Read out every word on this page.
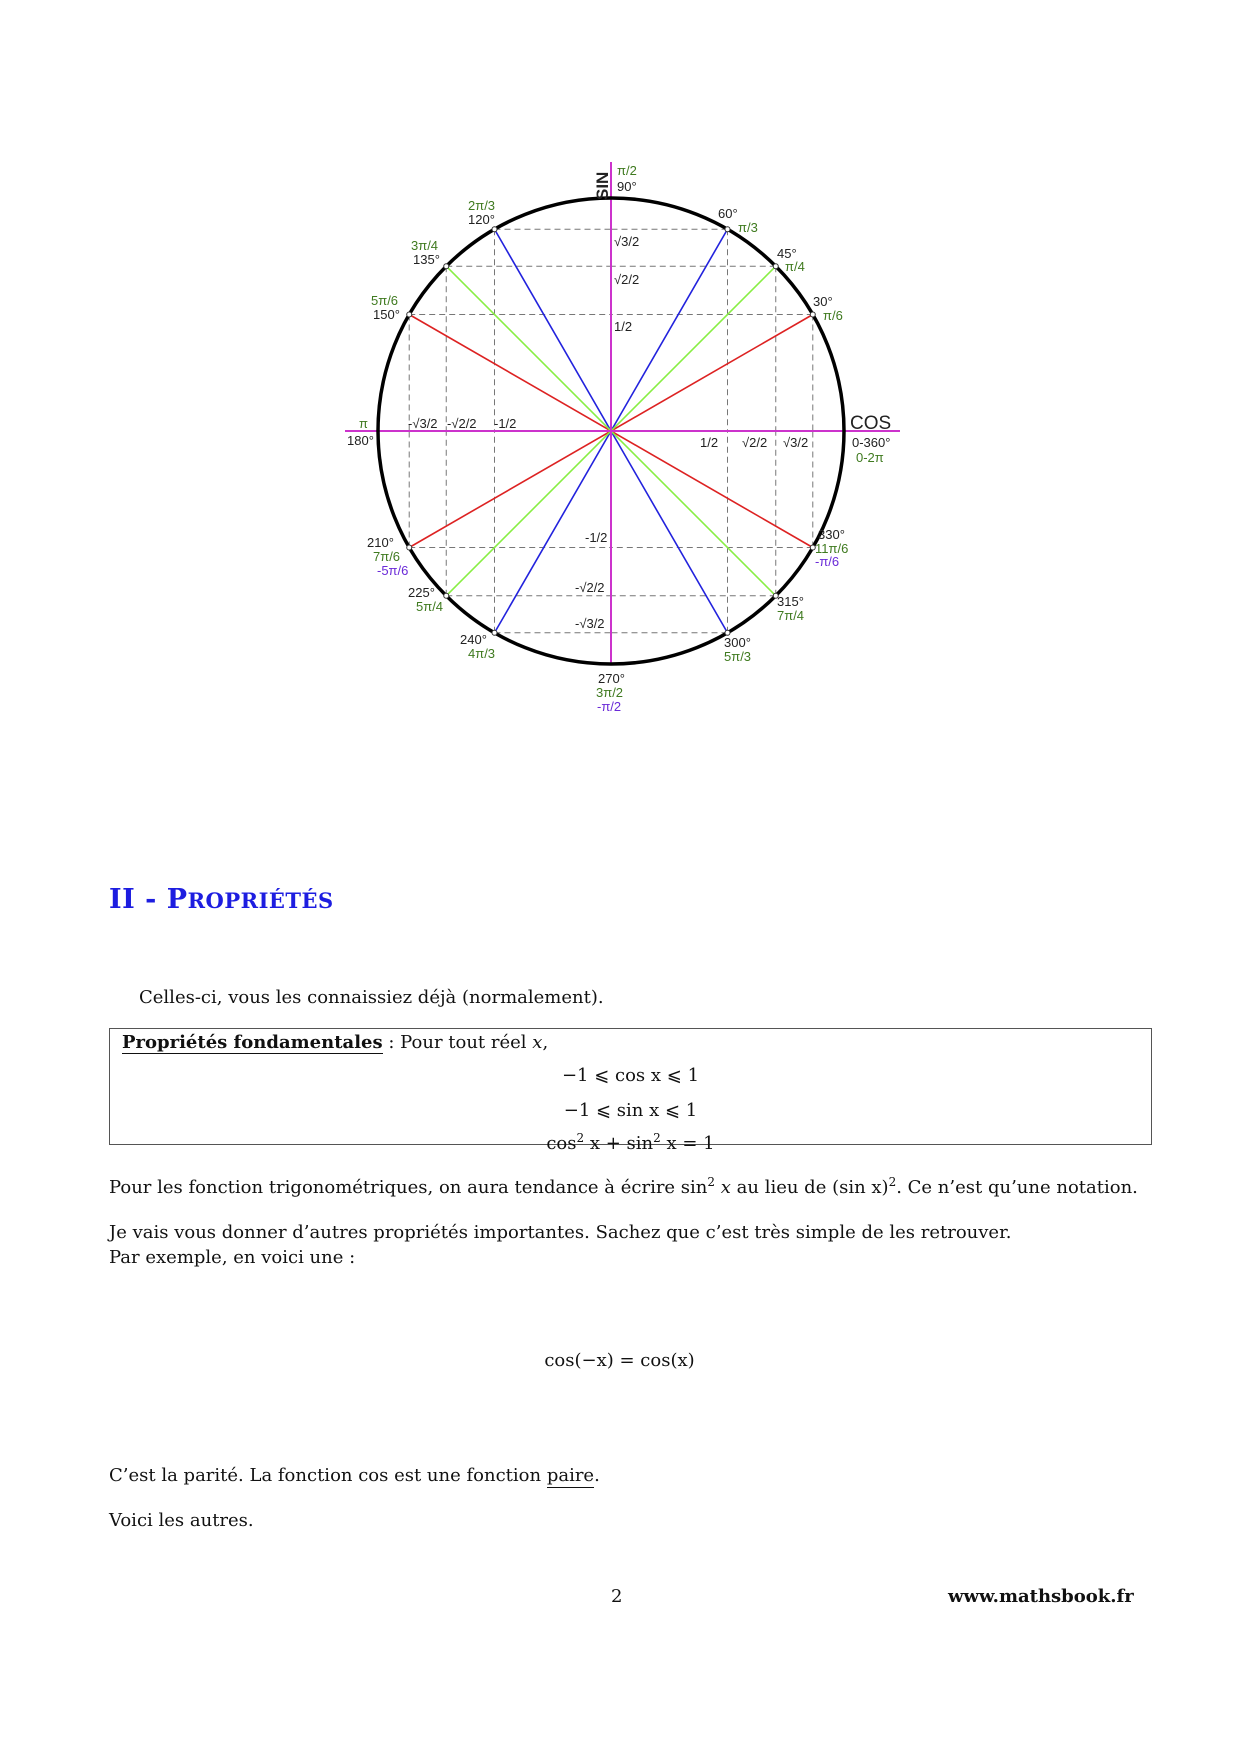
SIN
π/2
90°
COS
0-360°
0-2π
π
180°
270°
3π/2
-π/2
60°
π/3
45°
π/4
30°
π/6
2π/3
120°
3π/4
135°
5π/6
150°
210°
7π/6
-5π/6
225°
5π/4
240°
4π/3
300°
5π/3
315°
7π/4
330°
11π/6
-π/6
√3/2
√2/2
1/2
-1/2
-√2/2
-√3/2
1/2 √2/2 √3/2
-√3/2 -√2/2 -1/2
II - PROPRIÉTÉS

Celles-ci, vous les connaissiez déjà (normalement).

Propriétés fondamentales : Pour tout réel x,
−1 ⩽ cos x ⩽ 1
−1 ⩽ sin x ⩽ 1
$\cos^2 x + \sin^2 x = 1$

Pour les fonction trigonométriques, on aura tendance à écrire $\sin^2 x$ au lieu de (sin x)$^2$. Ce n’est qu’une notation.

Je vais vous donner d’autres propriétés importantes. Sachez que c’est très simple de les retrouver.

Par exemple, en voici une :

cos(−x) = cos(x)

C’est la parité. La fonction cos est une fonction paire.

Voici les autres.

2	www.mathsbook.fr
